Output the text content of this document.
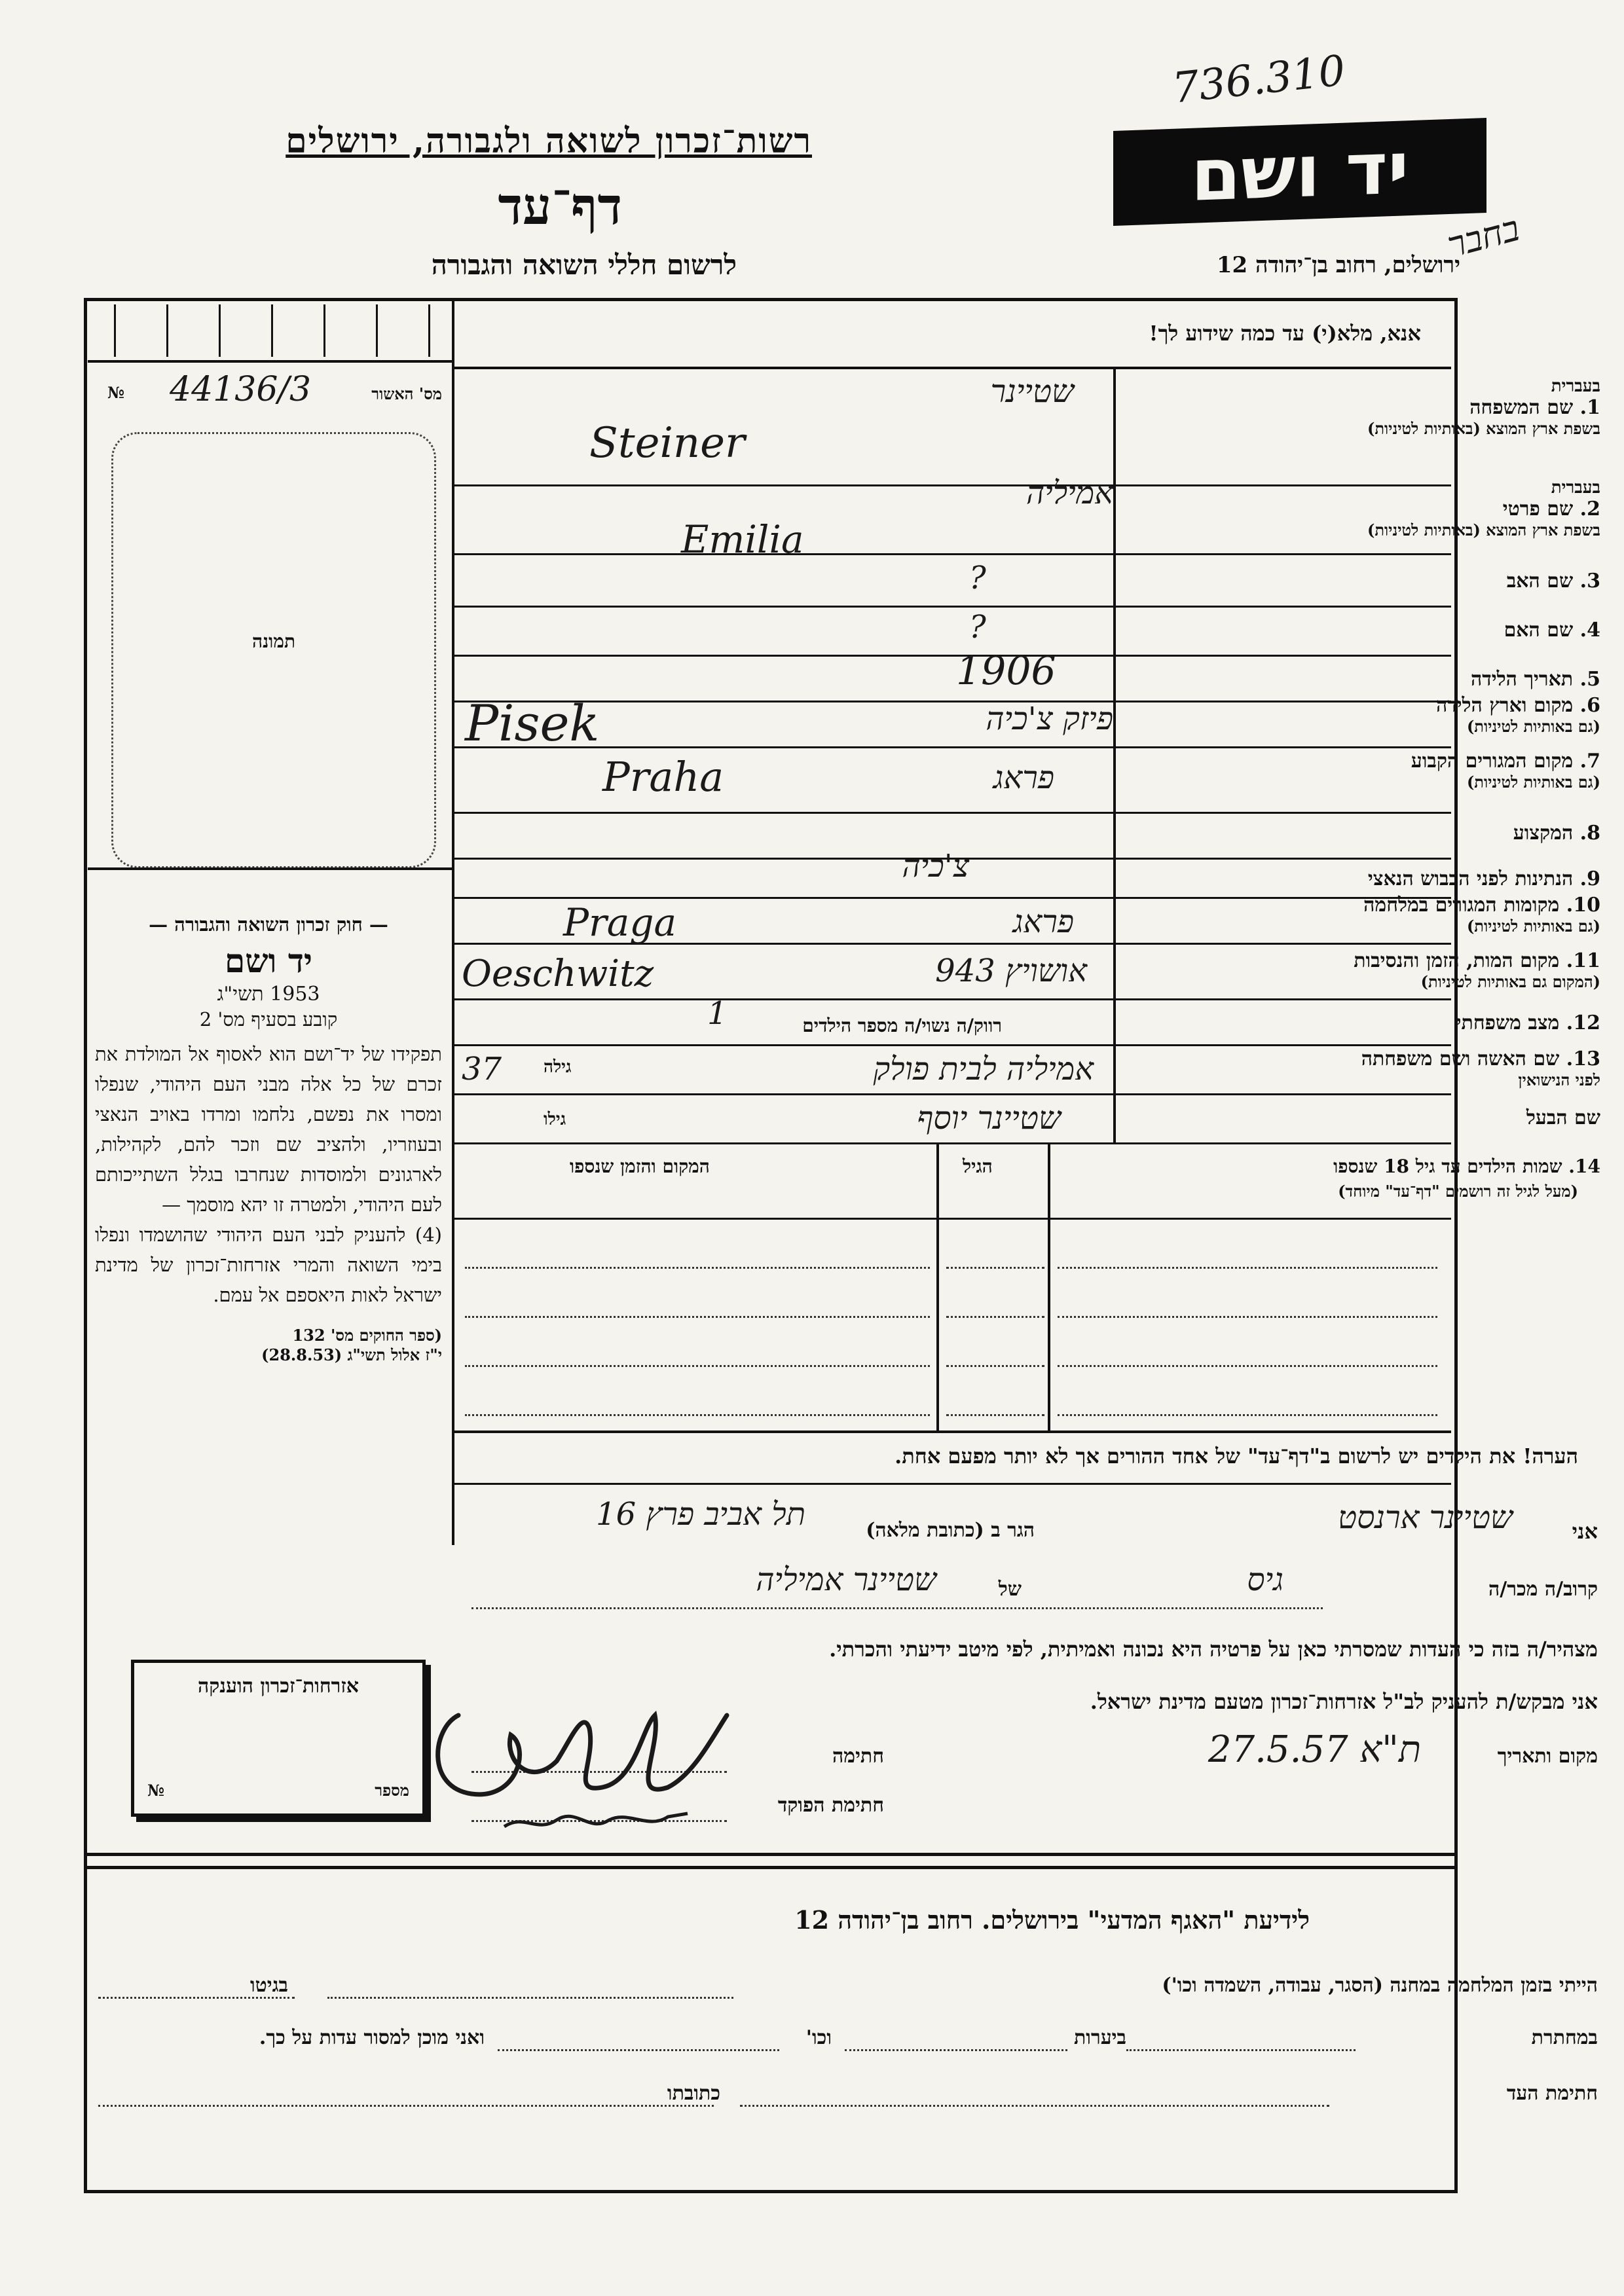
736.310
רשות־זכרון לשואה ולגבורה, ירושלים
דף־עד
לרשום חללי השואה והגבורה
יד ושם
ירושלים, רחוב בן־יהודה 12
בחבר
אנא, מלא(י) עד כמה שידוע לך!
№ 44136/3	מס' האשור
תמונה
— חוק זכרון השואה והגבורה —
יד ושם
1953 תשי"ג
קובע בסעיף מס' 2
תפקידו של יד־ושם הוא לאסוף אל המולדת את זכרם של כל אלה מבני העם היהודי, שנפלו ומסרו את נפשם, נלחמו ומרדו באויב הנאצי ובעוזריו, ולהציב שם וזכר להם, לקהילות, לארגונים ולמוסדות שנחרבו בגלל השתייכותם לעם היהודי, ולמטרה זו יהא מוסמך —
(4) להעניק לבני העם היהודי שהושמדו ונפלו בימי השואה והמרי אזרחות־זכרון של מדינת ישראל לאות היאספם אל עמם.
(ספר החוקים מס' 132
י"ז אלול תשי"ג (28.8.53)
בעברית
1. שם המשפחה
בשפת ארץ המוצא (באותיות לטיניות)
שטיינר
Steiner
בעברית
2. שם פרטי
בשפת ארץ המוצא (באותיות לטיניות)
אמיליה
Emilia
3. שם האב
?
4. שם האם
?
5. תאריך הלידה
1906
6. מקום וארץ הלידה
(גם באותיות לטיניות)
פיזק צ'כיה
Pisek
7. מקום המגורים הקבוע
(גם באותיות לטיניות)
פראג
Praha
8. המקצוע
9. הנתינות לפני הכבוש הנאצי
צ'כיה
10. מקומות המגורים במלחמה
(גם באותיות לטיניות)
פראג
Praga
11. מקום המות, הזמן והנסיבות
(המקום גם באותיות לטיניות)
אושויץ 943
Oeschwitz
12. מצב משפחתי
רווק/ה נשוי/ה מספר הילדים
1
13. שם האשה ושם משפחתה
לפני הנישואין
גילה
37	אמיליה לבית פולק
שם הבעל
גילו	שטיינר יוסף
14. שמות הילדים עד גיל 18 שנספו
(מעל לגיל זה רושמים "דף־עד" מיוחד)
הגיל
המקום והזמן שנספו
הערה! את הילדים יש לרשום ב"דף־עד" של אחד ההורים אך לא יותר מפעם אחת.
אני
שטיינר ארנסט
הגר ב (כתובת מלאה)
תל אביב פרץ 16
קרוב/ה מכר/ה
גיס
של
שטיינר אמיליה
מצהיר/ה בזה כי העדות שמסרתי כאן על פרטיה היא נכונה ואמיתית, לפי מיטב ידיעתי והכרתי.
אני מבקש/ת להעניק לב"ל אזרחות־זכרון מטעם מדינת ישראל.
מקום ותאריך
ת"א 27.5.57
חתימה
חתימת הפוקד
אזרחות־זכרון הוענקה
מספר
№
לידיעת "האגף המדעי" בירושלים. רחוב בן־יהודה 12
הייתי בזמן המלחמה במחנה (הסגר, עבודה, השמדה וכו')
בגיטו
במחתרת
ביערות
וכו'
ואני מוכן למסור עדות על כך.
חתימת העד
כתובתו
